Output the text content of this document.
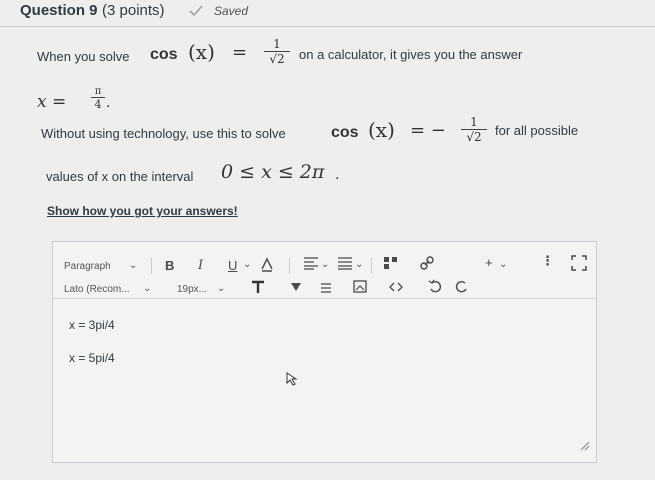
Question 9 (3 points)	Saved
When you solve cos (x) = 1
√2 on a calculator, it gives you the answer
x =
π
4 .
Without using technology, use this to solve	cos (x) = − 1
√2 for all possible
values of x on the interval 0 ≤ x ≤ 2π .
Show how you got your answers!
Paragraph ⌄ B I U ⌄	⌄	⌄	+ ⌄	⋮
Lato (Recom... ⌄	19px... ⌄
x = 3pi/4
x = 5pi/4
